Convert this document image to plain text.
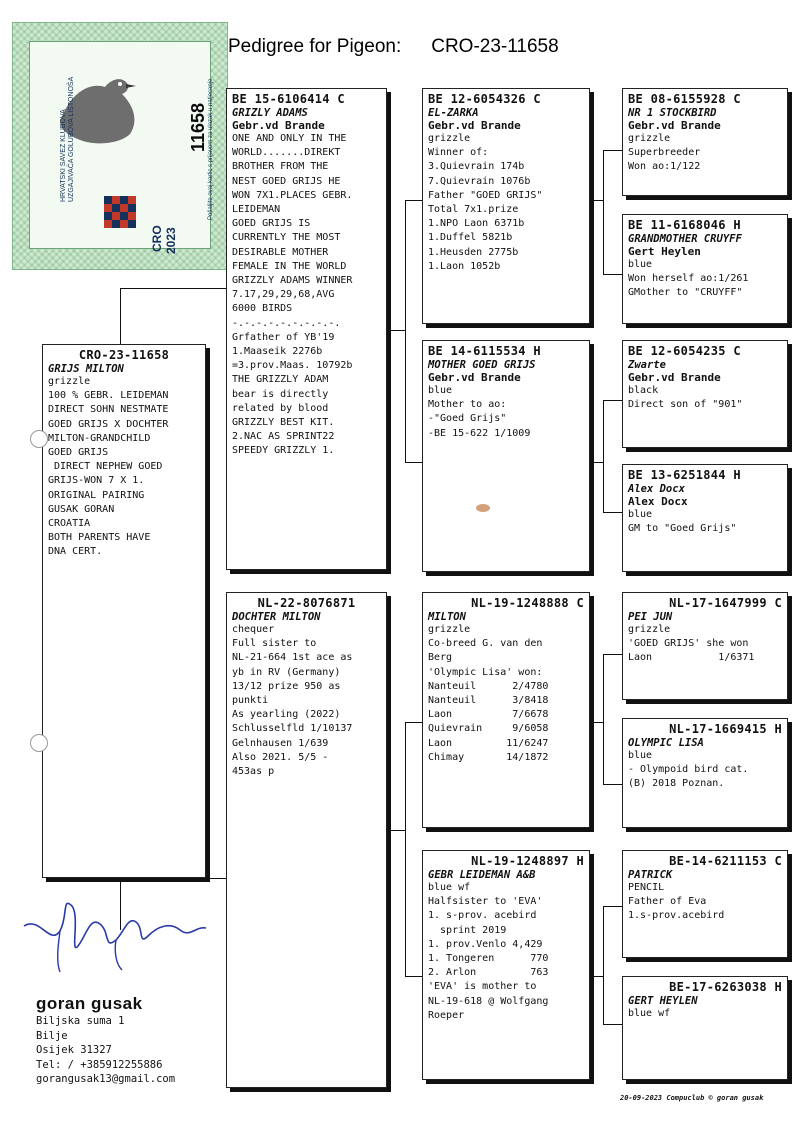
Pedigree for Pigeon: CRO-23-11658
HRVATSKI SAVEZ KLUBOVA UZGAJIVAČA GOLUBOVA LISTONOŠA	Pošaljite ovaj kartic s prijavom za ulazak u natjecanje
11658
CRO 2023
CRO-23-11658
GRIJS MILTON
grizzle
100 % GEBR. LEIDEMAN
DIRECT SOHN NESTMATE
GOED GRIJS X DOCHTER
MILTON-GRANDCHILD
GOED GRIJS
DIRECT NEPHEW GOED
GRIJS-WON 7 X 1.
ORIGINAL PAIRING
GUSAK GORAN
CROATIA
BOTH PARENTS HAVE
DNA CERT.
BE 15-6106414 C
GRIZLY ADAMS
Gebr.vd Brande
ONE AND ONLY IN THE
WORLD.......DIREKT
BROTHER FROM THE
NEST GOED GRIJS HE
WON 7X1.PLACES GEBR.
LEIDEMAN
GOED GRIJS IS
CURRENTLY THE MOST
DESIRABLE MOTHER
FEMALE IN THE WORLD
GRIZZLY ADAMS WINNER
7.17,29,29,68,AVG
6000 BIRDS
-.-.-.-.-.-.-.-.-.
Grfather of YB'19
1.Maaseik 2276b
=3.prov.Maas. 10792b
THE GRIZZLY ADAM
bear is directly
related by blood
GRIZZLY BEST KIT.
2.NAC AS SPRINT22
SPEEDY GRIZZLY 1.
NL-22-8076871
DOCHTER MILTON
chequer
Full sister to
NL-21-664 1st ace as
yb in RV (Germany)
13/12 prize 950 as
punkti
As yearling (2022)
Schlusselfld 1/10137
Gelnhausen 1/639
Also 2021. 5/5 -
453as p
BE 12-6054326 C
EL-ZARKA
Gebr.vd Brande
grizzle
Winner of:
3.Quievrain 174b
7.Quievrain 1076b
Father "GOED GRIJS"
Total 7x1.prize
1.NPO Laon 6371b
1.Duffel 5821b
1.Heusden 2775b
1.Laon 1052b
BE 14-6115534 H
MOTHER GOED GRIJS
Gebr.vd Brande
blue
Mother to ao:
-"Goed Grijs"
-BE 15-622 1/1009
NL-19-1248888 C
MILTON
grizzle
Co-breed G. van den
Berg
'Olympic Lisa' won:
Nanteuil      2/4780
Nanteuil      3/8418
Laon          7/6678
Quievrain     9/6058
Laon         11/6247
Chimay       14/1872
NL-19-1248897 H
GEBR LEIDEMAN A&B
blue wf
Halfsister to 'EVA'
1. s-prov. acebird
sprint 2019
1. prov.Venlo 4,429
1. Tongeren      770
2. Arlon         763
'EVA' is mother to
NL-19-618 @ Wolfgang
Roeper
BE 08-6155928 C
NR 1 STOCKBIRD
Gebr.vd Brande
grizzle
Superbreeder
Won ao:1/122
BE 11-6168046 H
GRANDMOTHER CRUYFF
Gert Heylen
blue
Won herself ao:1/261
GMother to "CRUYFF"
BE 12-6054235 C
Zwarte
Gebr.vd Brande
black
Direct son of "901"
BE 13-6251844 H
Alex Docx
Alex Docx
blue
GM to "Goed Grijs"
NL-17-1647999 C
PEI JUN
grizzle
'GOED GRIJS' she won
Laon           1/6371
NL-17-1669415 H
OLYMPIC LISA
blue
- Olympoid bird cat.
(B) 2018 Poznan.
BE-14-6211153 C
PATRICK
PENCIL
Father of Eva
1.s-prov.acebird
BE-17-6263038 H
GERT HEYLEN
blue wf
goran gusak
Biljska suma 1
Bilje
Osijek 31327
Tel: / +385912255886
gorangusak13@gmail.com
20-09-2023 Compuclub © goran gusak
